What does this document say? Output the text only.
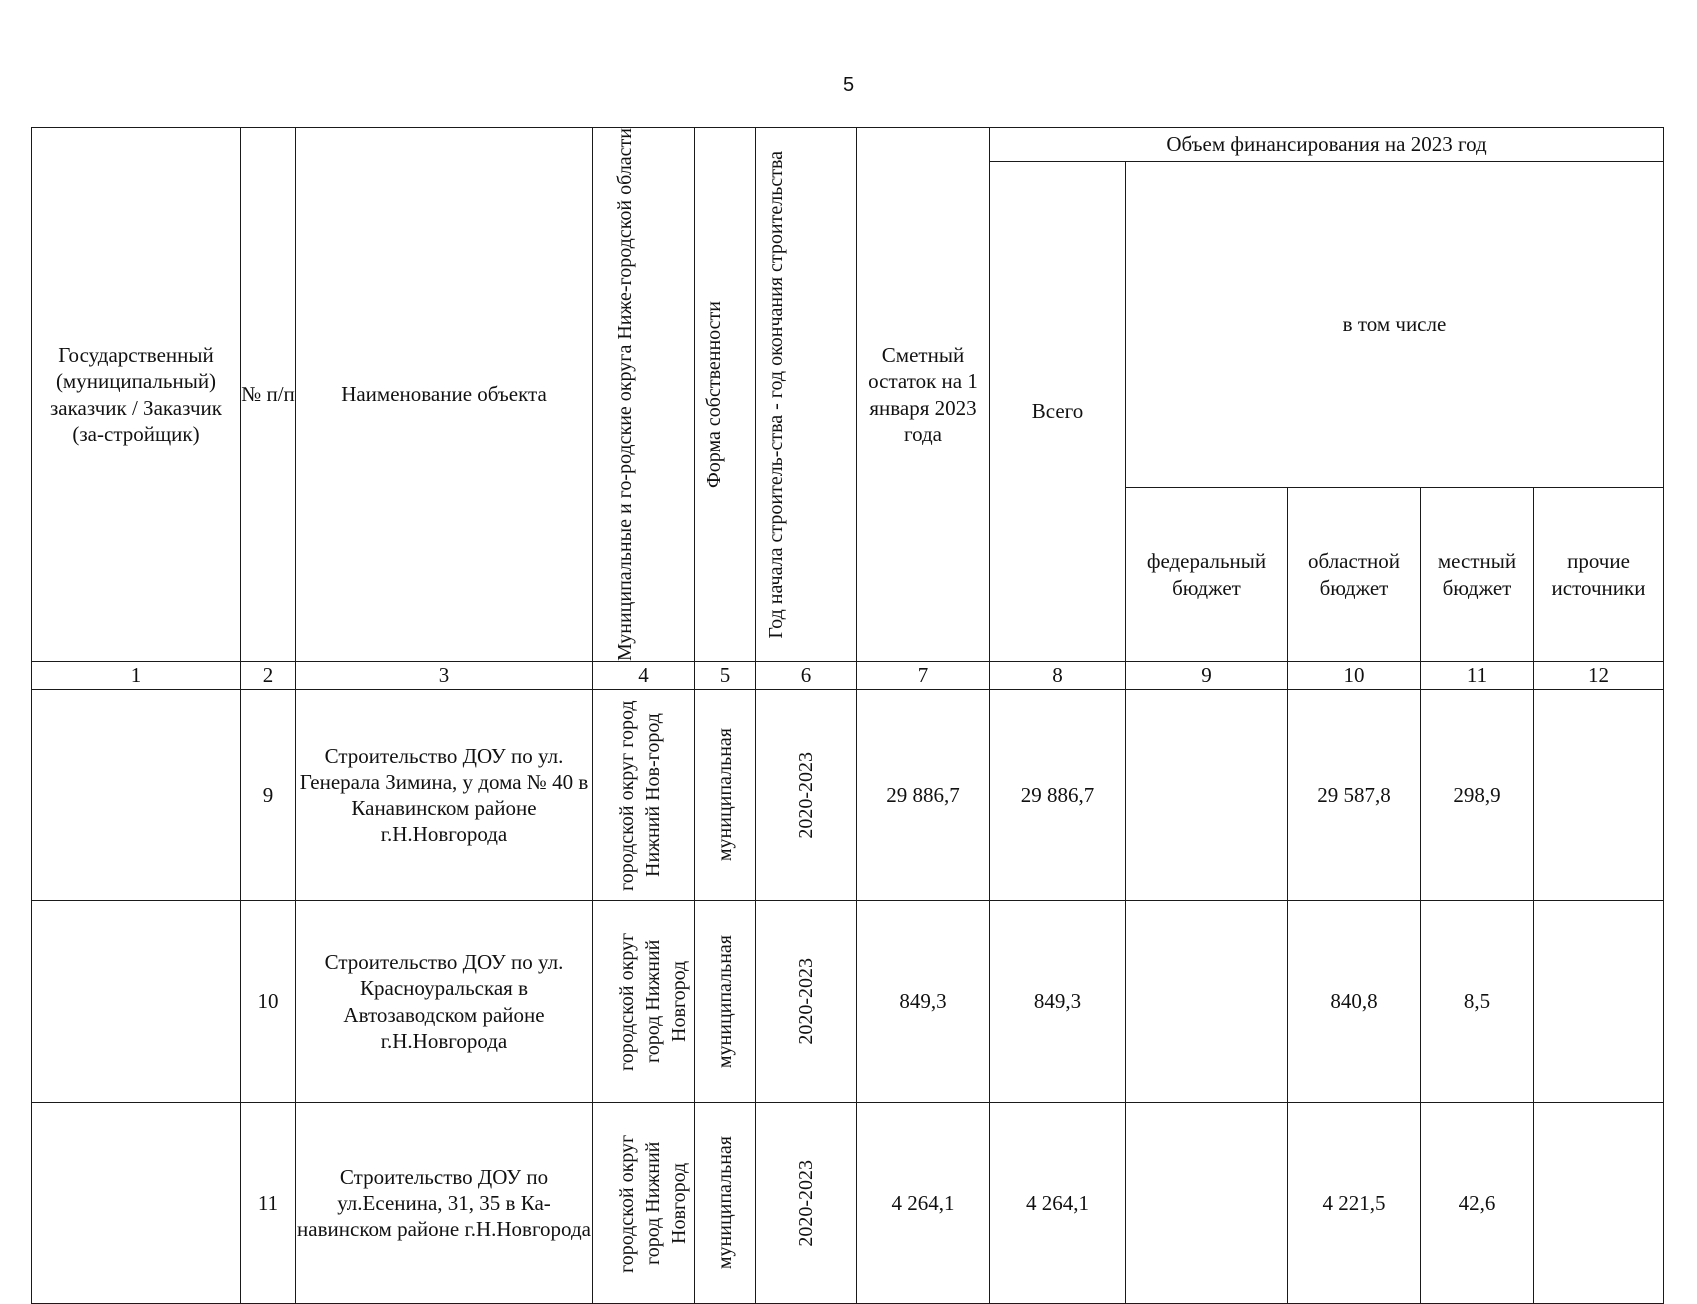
5
Государственный (муниципальный) заказчик / Заказчик (за-стройщик)	№ п/п	Наименование объекта	Муниципальные и го-родские округа Ниже-городской области	Форма собственности	Год начала строитель-ства - год окончания строительства	Сметный остаток на 1 января 2023 года	Объем финансирования на 2023 год				
							Всего	в том числе			
								федеральный бюджет	областной бюджет	местный бюджет	прочие источники
1	2	3	4	5	6	7	8	9	10	11	12
	9	Строительство ДОУ по ул. Генерала Зимина, у дома № 40 в Канавинском районе г.Н.Новгорода	городской округ город Нижний Нов-город	муниципальная	2020-2023	29 886,7	29 886,7		29 587,8	298,9	
	10	Строительство ДОУ по ул. Красноуральская в Автозаводском районе г.Н.Новгорода	городской округ город Нижний Новгород	муниципальная	2020-2023	849,3	849,3		840,8	8,5	
	11	Строительство ДОУ по ул.Есенина, 31, 35 в Ка-навинском районе г.Н.Новгорода	городской округ город Нижний Новгород	муниципальная	2020-2023	4 264,1	4 264,1		4 221,5	42,6	
